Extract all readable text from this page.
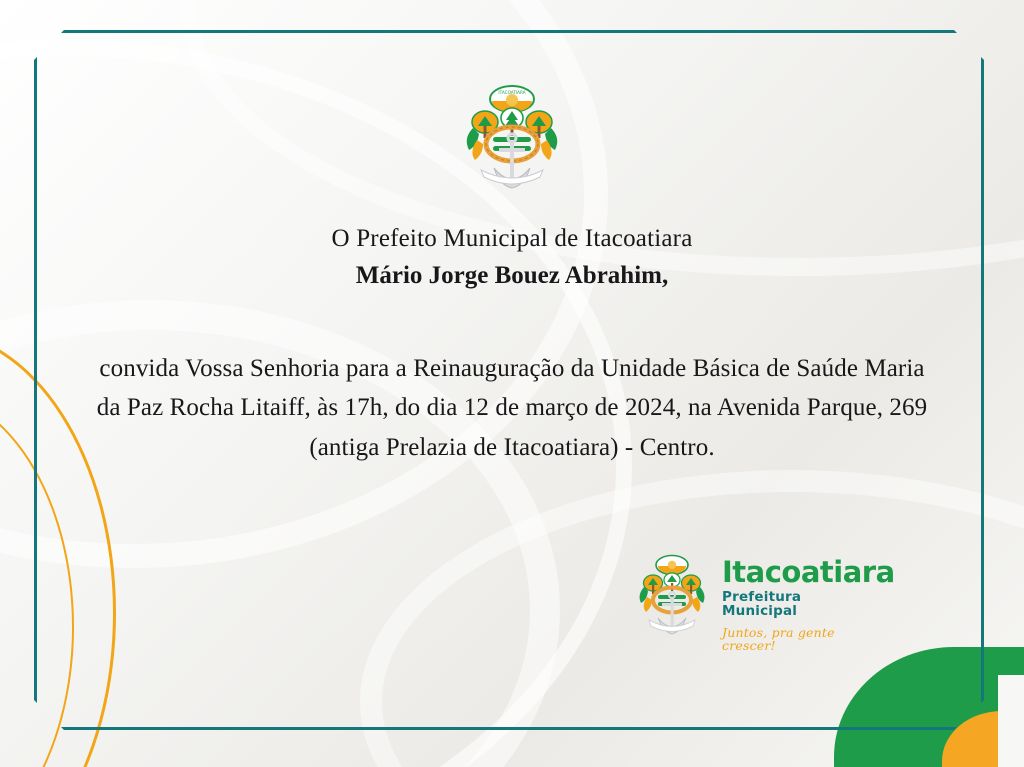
ITACOATIARA
O Prefeito Municipal de Itacoatiara
Mário Jorge Bouez Abrahim,
convida Vossa Senhoria para a Reinauguração da Unidade Básica de Saúde Maria da Paz Rocha Litaiff, às 17h, do dia 12 de março de 2024, na Avenida Parque, 269 (antiga Prelazia de Itacoatiara) - Centro.
Itacoatiara
Prefeitura Municipal
Juntos, pra gente crescer!
